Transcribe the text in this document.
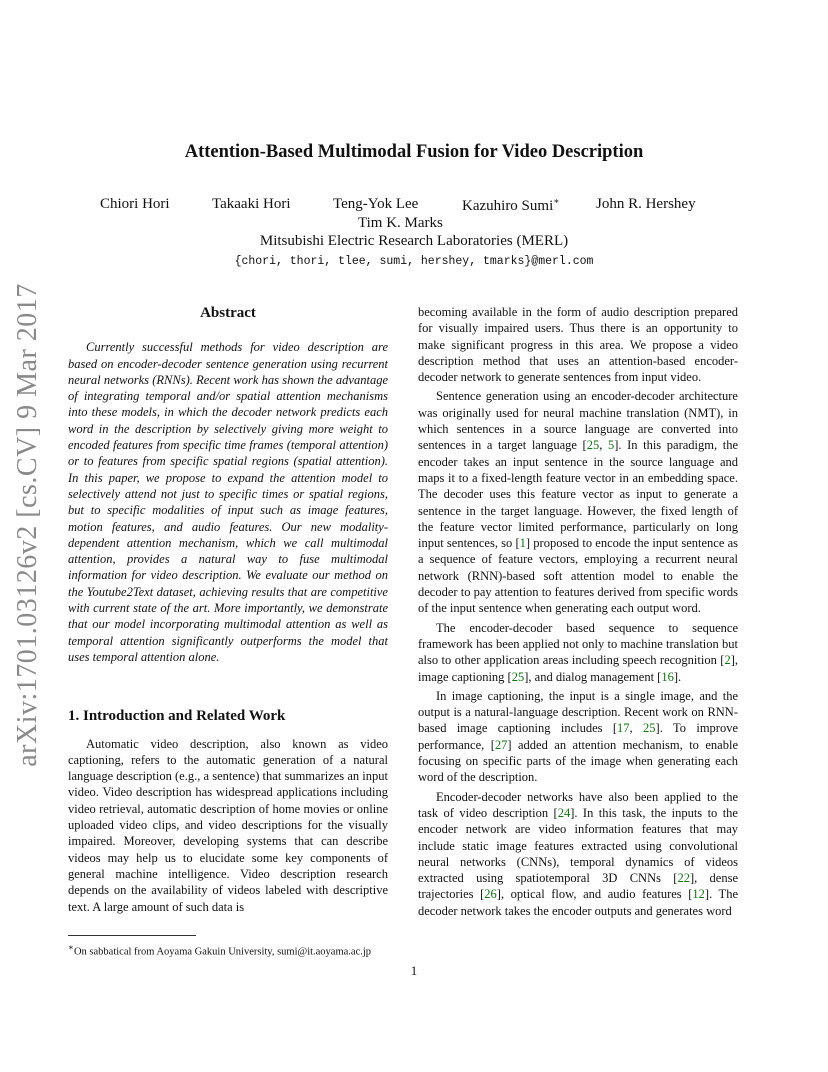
arXiv:1701.03126v2 [cs.CV] 9 Mar 2017
Attention-Based Multimodal Fusion for Video Description
Chiori Hori	Takaaki Hori	Teng-Yok Lee	Kazuhiro Sumi∗ John R. Hershey
Tim K. Marks
Mitsubishi Electric Research Laboratories (MERL)
{chori, thori, tlee, sumi, hershey, tmarks}@merl.com
Abstract

Currently successful methods for video description are based on encoder-decoder sentence generation using recurrent neural networks (RNNs). Recent work has shown the advantage of integrating temporal and/or spatial attention mechanisms into these models, in which the decoder network predicts each word in the description by selectively giving more weight to encoded features from specific time frames (temporal attention) or to features from specific spatial regions (spatial attention). In this paper, we propose to expand the attention model to selectively attend not just to specific times or spatial regions, but to specific modalities of input such as image features, motion features, and audio features. Our new modality-dependent attention mechanism, which we call multimodal attention, provides a natural way to fuse multimodal information for video description. We evaluate our method on the Youtube2Text dataset, achieving results that are competitive with current state of the art. More importantly, we demonstrate that our model incorporating multimodal attention as well as temporal attention significantly outperforms the model that uses temporal attention alone.

1. Introduction and Related Work

Automatic video description, also known as video captioning, refers to the automatic generation of a natural language description (e.g., a sentence) that summarizes an input video. Video description has widespread applications including video retrieval, automatic description of home movies or online uploaded video clips, and video descriptions for the visually impaired. Moreover, developing systems that can describe videos may help us to elucidate some key components of general machine intelligence. Video description research depends on the availability of videos labeled with descriptive text. A large amount of such data is

becoming available in the form of audio description prepared for visually impaired users. Thus there is an opportunity to make significant progress in this area. We propose a video description method that uses an attention-based encoder-decoder network to generate sentences from input video.

Sentence generation using an encoder-decoder architecture was originally used for neural machine translation (NMT), in which sentences in a source language are converted into sentences in a target language [25, 5]. In this paradigm, the encoder takes an input sentence in the source language and maps it to a fixed-length feature vector in an embedding space. The decoder uses this feature vector as input to generate a sentence in the target language. However, the fixed length of the feature vector limited performance, particularly on long input sentences, so [1] proposed to encode the input sentence as a sequence of feature vectors, employing a recurrent neural network (RNN)-based soft attention model to enable the decoder to pay attention to features derived from specific words of the input sentence when generating each output word.

The encoder-decoder based sequence to sequence framework has been applied not only to machine translation but also to other application areas including speech recognition [2], image captioning [25], and dialog management [16].

In image captioning, the input is a single image, and the output is a natural-language description. Recent work on RNN-based image captioning includes [17, 25]. To improve performance, [27] added an attention mechanism, to enable focusing on specific parts of the image when generating each word of the description.

Encoder-decoder networks have also been applied to the task of video description [24]. In this task, the inputs to the encoder network are video information features that may include static image features extracted using convolutional neural networks (CNNs), temporal dynamics of videos extracted using spatiotemporal 3D CNNs [22], dense trajectories [26], optical flow, and audio features [12]. The decoder network takes the encoder outputs and generates word

∗On sabbatical from Aoyama Gakuin University, sumi@it.aoyama.ac.jp
1
